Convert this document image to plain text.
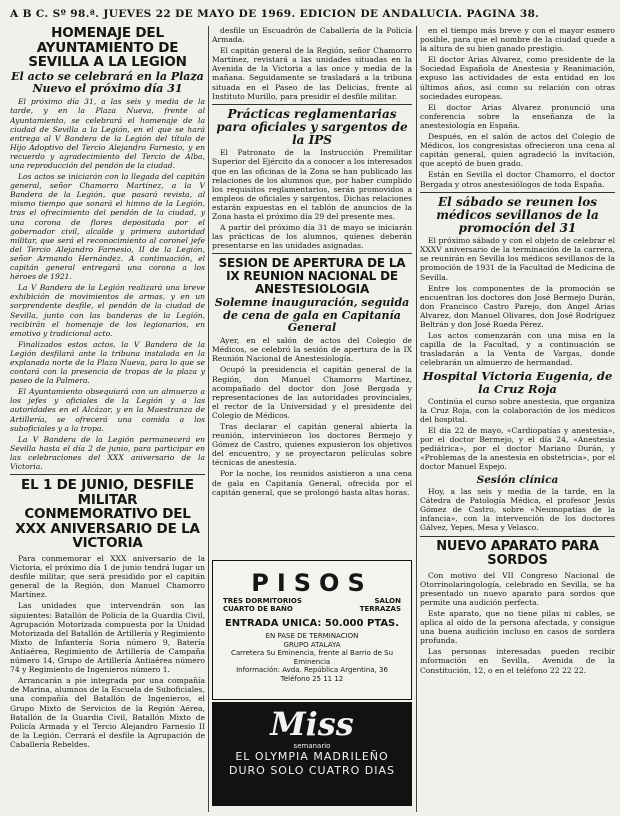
A B C. Sº 98.ª. JUEVES 22 DE MAYO DE 1969. EDICION DE ANDALUCIA. PAGINA 38.
HOMENAJE DEL AYUNTAMIENTO DE SEVILLA A LA LEGION
El acto se celebrará en la Plaza Nuevo el próximo día 31

El próximo día 31, a las seis y media de la tarde, y en la Plaza Nueva, frente al Ayuntamiento, se celebrará el homenaje de la ciudad de Sevilla a la Legión, en el que se hará entrega al V Bandera de la Legión del título de Hijo Adoptivo del Tercio Alejandro Farnesio, y en recuerdo y agradecimiento del Tercio de Alba, una reproducción del pendón de la ciudad.

Los actos se iniciarán con la llegada del capitán general, señor Chamorro Martínez, a la V Bandera de la Legión, que pasará revista, al mismo tiempo que sonará el himno de la Legión, tras el ofrecimiento del pendón de la ciudad, y una corona de flores depositada por el gobernador civil, alcalde y primera autoridad militar, que será el reconocimiento al coronel jefe del Tercio Alejandro Farnesio, II de la Legión, señor Armando Hernández. A continuación, el capitán general entregará una corona a los héroes de 1921.

La V Bandera de la Legión realizará una breve exhibición de movimientos de armas, y en un sorprendente desfile, el pendón de la ciudad de Sevilla, junto con las banderas de la Legión, recibirán el homenaje de los legionarios, en emotivo y tradicional acto.

Finalizados estos actos, la V Bandera de la Legión desfilará ante la tribuna instalada en la explanada norte de la Plaza Nueva, para lo que se contará con la presencia de tropas de la plaza y paseo de la Palmera.

El Ayuntamiento obsequiará con un almuerzo a los jefes y oficiales de la Legión y a las autoridades en el Alcázar, y en la Maestranza de Artillería, se ofrecerá una comida a los suboficiales y a la tropa.

La V Bandera de la Legión permanecerá en Sevilla hasta el día 2 de junio, para participar en las celebraciones del XXX aniversario de la Victoria.

EL 1 DE JUNIO, DESFILE MILITAR CONMEMORATIVO DEL XXX ANIVERSARIO DE LA VICTORIA

Para conmemorar el XXX aniversario de la Victoria, el próximo día 1 de junio tendrá lugar un desfile militar, que será presidido por el capitán general de la Región, don Manuel Chamorro Martínez.

Las unidades que intervendrán son las siguientes: Batallón de Policía de la Guardia Civil, Agrupación Motorizada compuesta por la Unidad Motorizada del Batallón de Artillería y Regimiento Mixto de Infantería Soria número 9, Batería Antiaérea, Regimiento de Artillería de Campaña número 14, Grupo de Artillería Antiaérea número 74 y Regimiento de Ingenieros número 1.

Arrancarán a pie integrada por una compañía de Marina, alumnos de la Escuela de Suboficiales, una compañía del Batallón de Ingenieros, el Grupo Mixto de Servicios de la Región Aérea, Batallón de la Guardia Civil, Batallón Mixto de Policía Armada y el Tercio Alejandro Farnesio II de la Legión. Cerrará el desfile la Agrupación de Caballería Rebeldes.

desfile un Escuadrón de Caballería de la Policía Armada.

El capitán general de la Región, señor Chamorro Martínez, revistará a las unidades situadas en la Avenida de la Victoria a las once y media de la mañana. Seguidamente se trasladará a la tribuna situada en el Paseo de las Delicias, frente al Instituto Murillo, para presidir el desfile militar.

Prácticas reglamentarias para oficiales y sargentos de la IPS

El Patronato de la Instrucción Premilitar Superior del Ejército da a conocer a los interesados que en las oficinas de la Zona se han publicado las relaciones de los alumnos que, por haber cumplido los requisitos reglamentarios, serán promovidos a empleos de oficiales y sargentos. Dichas relaciones estarán expuestas en el tablón de anuncios de la Zona hasta el próximo día 29 del presente mes.

A partir del próximo día 31 de mayo se iniciarán las prácticas de los alumnos, quienes deberán presentarse en las unidades asignadas.

SESION DE APERTURA DE LA IX REUNION NACIONAL DE ANESTESIOLOGIA
Solemne inauguración, seguida de cena de gala en Capitanía General

Ayer, en el salón de actos del Colegio de Médicos, se celebró la sesión de apertura de la IX Reunión Nacional de Anestesiología.

Ocupó la presidencia el capitán general de la Región, don Manuel Chamorro Martínez, acompañado del doctor don José Bergada y representaciones de las autoridades provinciales, el rector de la Universidad y el presidente del Colegio de Médicos.

Tras declarar el capitán general abierta la reunión, intervinieron los doctores Bermejo y Gómez de Castro, quienes expusieron los objetivos del encuentro, y se proyectaron películas sobre técnicas de anestesia.

Por la noche, los reunidos asistieron a una cena de gala en Capitanía General, ofrecida por el capitán general, que se prolongó hasta altas horas.

PISOS
TRES DORMITORIOS	SALON
CUARTO DE BAÑO	TERRAZAS
ENTRADA UNICA: 50.000 PTAS.
EN PASE DE TERMINACION
GRUPO ATALAYA
Carretera Su Eminencia, frente al Barrio de Su Eminencia
Información: Avda. República Argentina, 36
Teléfono 25 11 12
Miss
semanario
EL OLYMPIA MADRILEÑO
DURO SOLO CUATRO DIAS

en el tiempo más breve y con el mayor esmero posible, para que el nombre de la ciudad quede a la altura de su bien ganado prestigio.

El doctor Arias Alvarez, como presidente de la Sociedad Española de Anestesia y Reanimación, expuso las actividades de esta entidad en los últimos años, así como su relación con otras sociedades europeas.

El doctor Arias Alvarez pronunció una conferencia sobre la enseñanza de la anestesiología en España.

Después, en el salón de actos del Colegio de Médicos, los congresistas ofrecieron una cena al capitán general, quien agradeció la invitación, que aceptó de buen grado.

Están en Sevilla el doctor Chamorro, el doctor Bergada y otros anestesiólogos de toda España.

El sábado se reunen los médicos sevillanos de la promoción del 31

El próximo sábado y con el objeto de celebrar el XXXV aniversario de la terminación de la carrera, se reunirán en Sevilla los médicos sevillanos de la promoción de 1931 de la Facultad de Medicina de Sevilla.

Entre los componentes de la promoción se encuentran los doctores don José Bermejo Durán, don Francisco Castro Parejo, don Angel Arias Alvarez, don Manuel Olivares, don José Rodríguez Beltrán y don José Rueda Pérez.

Los actos comenzarán con una misa en la capilla de la Facultad, y a continuación se trasladarán a la Venta de Vargas, donde celebrarán un almuerzo de hermandad.

Hospital Victoria Eugenia, de la Cruz Roja

Continúa el curso sobre anestesia, que organiza la Cruz Roja, con la colaboración de los médicos del hospital.

El día 22 de mayo, «Cardiopatías y anestesia», por el doctor Bermejo, y el día 24, «Anestesia pediátrica», por el doctor Mariano Durán, y «Problemas de la anestesia en obstetricia», por el doctor Manuel Espejo.

Sesión clínica

Hoy, a las seis y media de la tarde, en la Cátedra de Patología Médica, el profesor Jesús Gómez de Castro, sobre «Neumopatías de la infancia», con la intervención de los doctores Gálvez, Yepes, Mesa y Velasco.

NUEVO APARATO PARA SORDOS

Con motivo del VII Congreso Nacional de Otorrinolaringología, celebrado en Sevilla, se ha presentado un nuevo aparato para sordos que permite una audición perfecta.

Este aparato, que no tiene pilas ni cables, se aplica al oído de la persona afectada, y consigue una buena audición incluso en casos de sordera profunda.

Las personas interesadas pueden recibir información en Sevilla, Avenida de la Constitución, 12, o en el teléfono 22 22 22.
